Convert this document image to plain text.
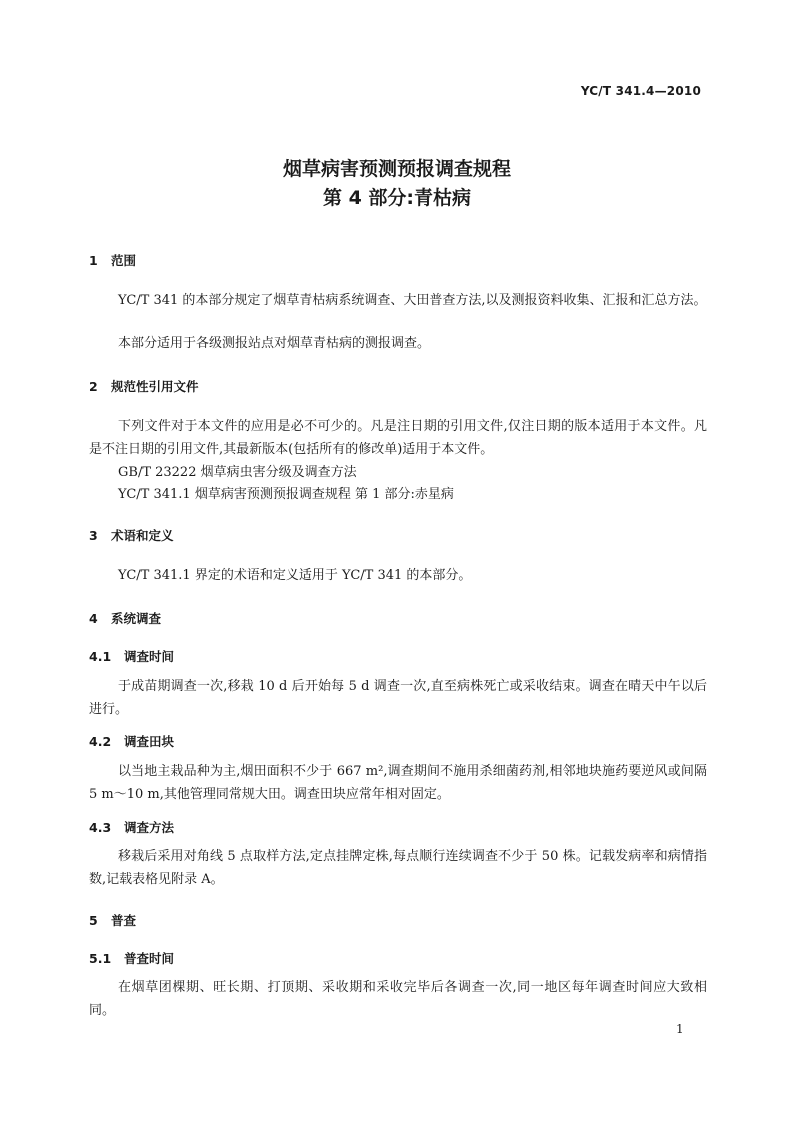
YC/T 341.4—2010
烟草病害预测预报调查规程
第 4 部分:青枯病
1 范围
YC/T 341 的本部分规定了烟草青枯病系统调查、大田普查方法,以及测报资料收集、汇报和汇总方法。
本部分适用于各级测报站点对烟草青枯病的测报调查。
2 规范性引用文件
下列文件对于本文件的应用是必不可少的。凡是注日期的引用文件,仅注日期的版本适用于本文件。凡是不注日期的引用文件,其最新版本(包括所有的修改单)适用于本文件。
GB/T 23222 烟草病虫害分级及调查方法
YC/T 341.1 烟草病害预测预报调查规程 第 1 部分:赤星病
3 术语和定义
YC/T 341.1 界定的术语和定义适用于 YC/T 341 的本部分。
4 系统调查
4.1 调查时间
于成苗期调查一次,移栽 10 d 后开始每 5 d 调查一次,直至病株死亡或采收结束。调查在晴天中午以后进行。
4.2 调查田块
以当地主栽品种为主,烟田面积不少于 667 m²,调查期间不施用杀细菌药剂,相邻地块施药要逆风或间隔 5 m～10 m,其他管理同常规大田。调查田块应常年相对固定。
4.3 调查方法
移栽后采用对角线 5 点取样方法,定点挂牌定株,每点顺行连续调查不少于 50 株。记载发病率和病情指数,记载表格见附录 A。
5 普查
5.1 普查时间
在烟草团棵期、旺长期、打顶期、采收期和采收完毕后各调查一次,同一地区每年调查时间应大致相同。
1
